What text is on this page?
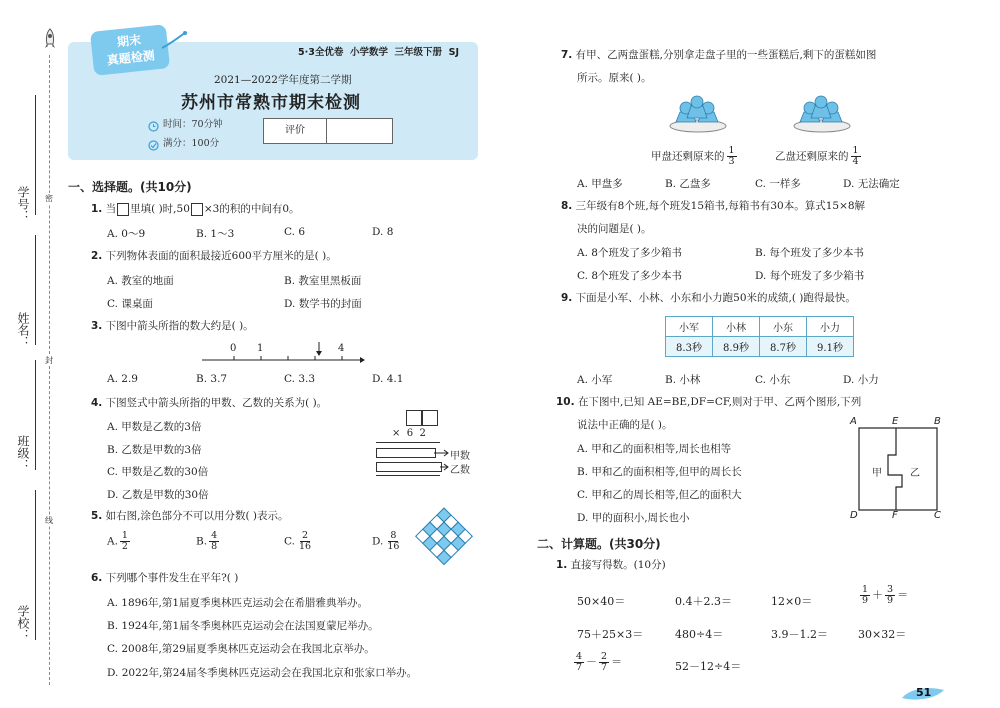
学号：
姓名：
班级：
学校：
密
封
线
期末
真题检测	5·3全优卷  小学数学  三年级下册  SJ
2021—2022学年度第二学期
苏州市常熟市期末检测
时间：70分钟
满分：100分
评价
一、选择题。(共10分)
1. 当 里填( )时,50 ×3的积的中间有0。
A. 0～9	B. 1～3	C. 6	D. 8
2. 下列物体表面的面积最接近600平方厘米的是( )。
A. 教室的地面	B. 教室里黑板面
C. 课桌面	D. 数学书的封面
3. 下图中箭头所指的数大约是( )。
0 1	4
A. 2.9	B. 3.7	C. 3.3	D. 4.1
4. 下图竖式中箭头所指的甲数、乙数的关系为( )。
A. 甲数是乙数的3倍
B. 乙数是甲数的3倍
C. 甲数是乙数的30倍
D. 乙数是甲数的30倍
×  6  2
甲数
乙数
5. 如右图,涂色部分不可以用分数( )表示。
A. $\frac{1}{2}$	B. $\frac{4}{8}$	C. $\frac{2}{16}$	D. $\frac{8}{16}$
6. 下列哪个事件发生在平年?( )
A. 1896年,第1届夏季奥林匹克运动会在希腊雅典举办。
B. 1924年,第1届冬季奥林匹克运动会在法国夏蒙尼举办。
C. 2008年,第29届夏季奥林匹克运动会在我国北京举办。
D. 2022年,第24届冬季奥林匹克运动会在我国北京和张家口举办。
7. 有甲、乙两盘蛋糕,分别拿走盘子里的一些蛋糕后,剩下的蛋糕如图
所示。原来( )。
甲盘还剩原来的 $\frac{1}{3}$	乙盘还剩原来的 $\frac{1}{4}$
A. 甲盘多	B. 乙盘多	C. 一样多	D. 无法确定
8. 三年级有8个班,每个班发15箱书,每箱书有30本。算式15×8解
决的问题是( )。
A. 8个班发了多少箱书	B. 每个班发了多少本书
C. 8个班发了多少本书	D. 每个班发了多少箱书
9. 下面是小军、小林、小东和小力跑50米的成绩,( )跑得最快。
小军	小林	小东	小力
8.3秒	8.9秒	8.7秒	9.1秒
A. 小军	B. 小林	C. 小东	D. 小力
10. 在下图中,已知 AE=BE,DF=CF,则对于甲、乙两个图形,下列
说法中正确的是( )。
A. 甲和乙的面积相等,周长也相等
B. 甲和乙的面积相等,但甲的周长长
C. 甲和乙的周长相等,但乙的面积大
D. 甲的面积小,周长也小
A	E	B
D	F	C
甲	乙
二、计算题。(共30分)
1. 直接写得数。(10分)
50×40＝	0.4＋2.3＝	12×0＝	$\frac{1}{9} + \frac{3}{9}$ ＝
75＋25×3＝	480÷4＝	3.9－1.2＝	30×32＝
$\frac{4}{7} - \frac{2}{7}$ ＝	52－12÷4＝
51
